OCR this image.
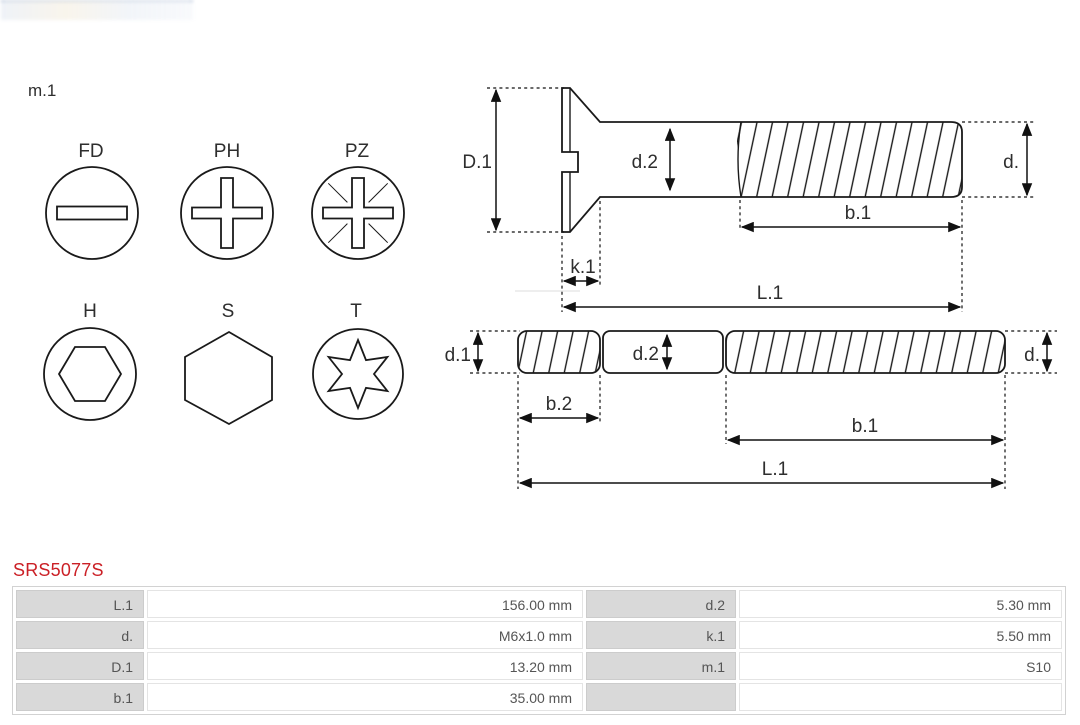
m.1
FD	PH	PZ
H	S	T
D.1	d.2	d.
b.1
k.1
L.1
d.1	d.2	d.
b.2
b.1
L.1
SRS5077S
L.1	156.00 mm	d.2	5.30 mm
d.	M6x1.0 mm	k.1	5.50 mm
D.1	13.20 mm	m.1	S10
b.1	35.00 mm
